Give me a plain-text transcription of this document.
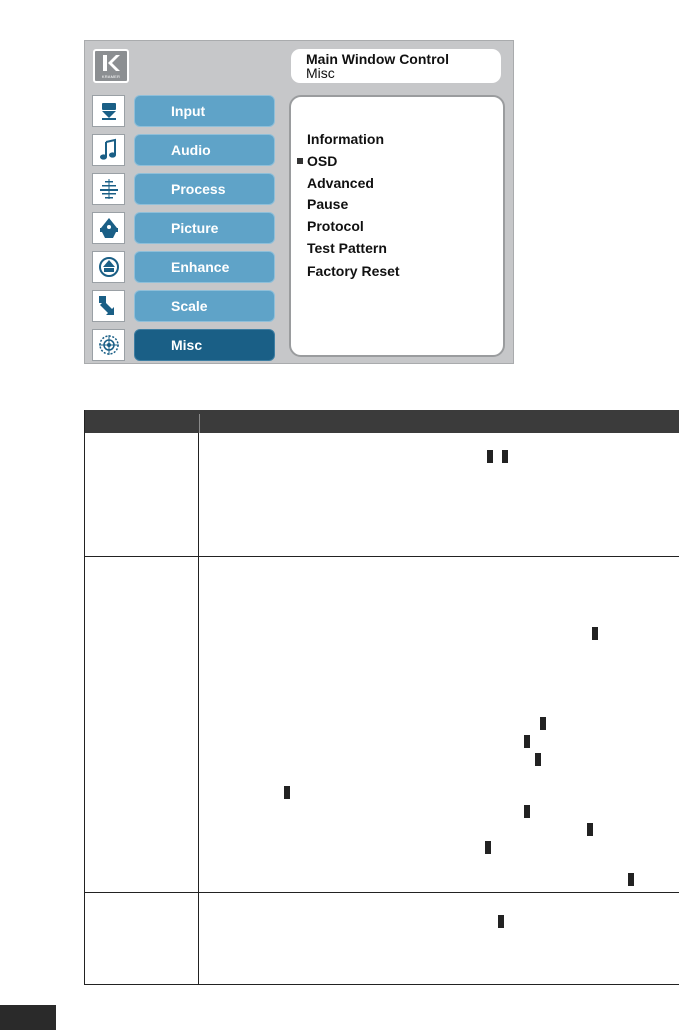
KRAMER
Main Window Control
Misc
Input
Audio
Process
Picture
Enhance
Scale
Misc
Information
OSD
Advanced
Pause
Protocol
Test Pattern
Factory Reset
